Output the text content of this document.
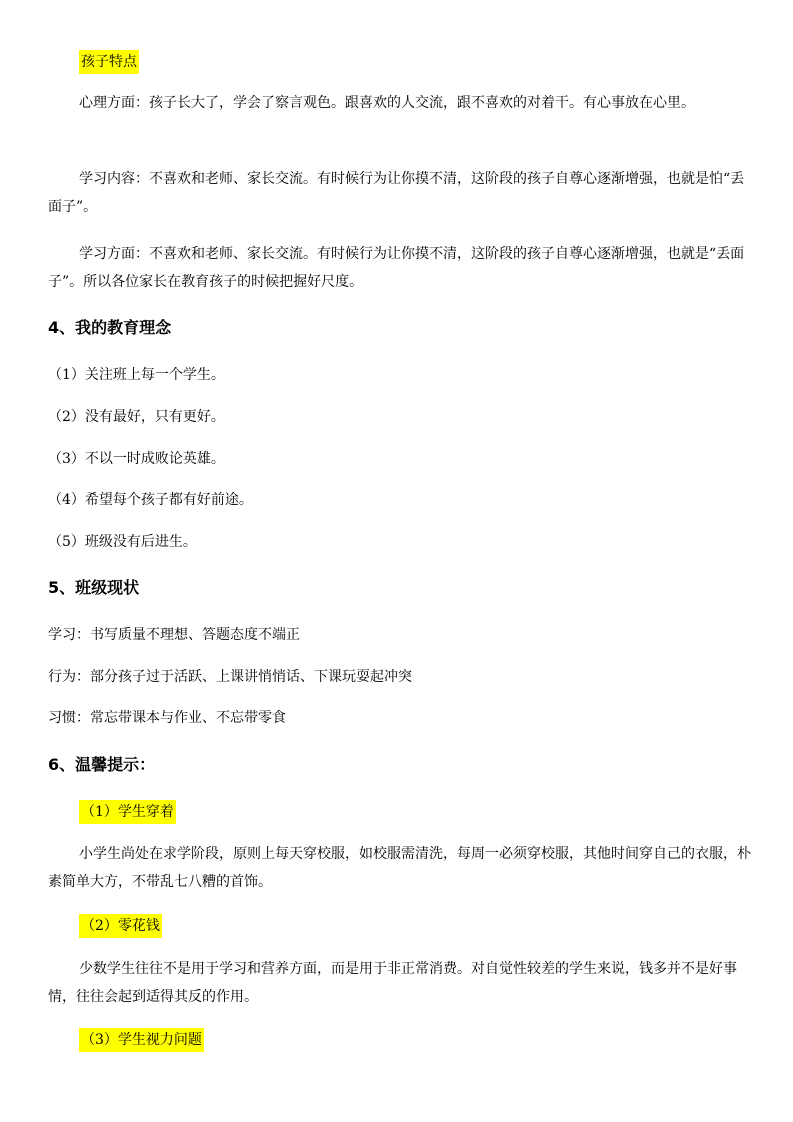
孩子特点

心理方面：孩子长大了，学会了察言观色。跟喜欢的人交流，跟不喜欢的对着干。有心事放在心里。

学习内容：不喜欢和老师、家长交流。有时候行为让你摸不清，这阶段的孩子自尊心逐渐增强，也就是怕“丢面子”。

学习方面：不喜欢和老师、家长交流。有时候行为让你摸不清，这阶段的孩子自尊心逐渐增强，也就是“丢面子”。所以各位家长在教育孩子的时候把握好尺度。

4、我的教育理念

（1）关注班上每一个学生。

（2）没有最好，只有更好。

（3）不以一时成败论英雄。

（4）希望每个孩子都有好前途。

（5）班级没有后进生。

5、班级现状

学习：书写质量不理想、答题态度不端正

行为：部分孩子过于活跃、上课讲悄悄话、下课玩耍起冲突

习惯：常忘带课本与作业、不忘带零食

6、温馨提示：
（1）学生穿着

小学生尚处在求学阶段，原则上每天穿校服，如校服需清洗，每周一必须穿校服，其他时间穿自己的衣服，朴素简单大方，不带乱七八糟的首饰。

（2）零花钱

少数学生往往不是用于学习和营养方面，而是用于非正常消费。对自觉性较差的学生来说，钱多并不是好事情，往往会起到适得其反的作用。

（3）学生视力问题
